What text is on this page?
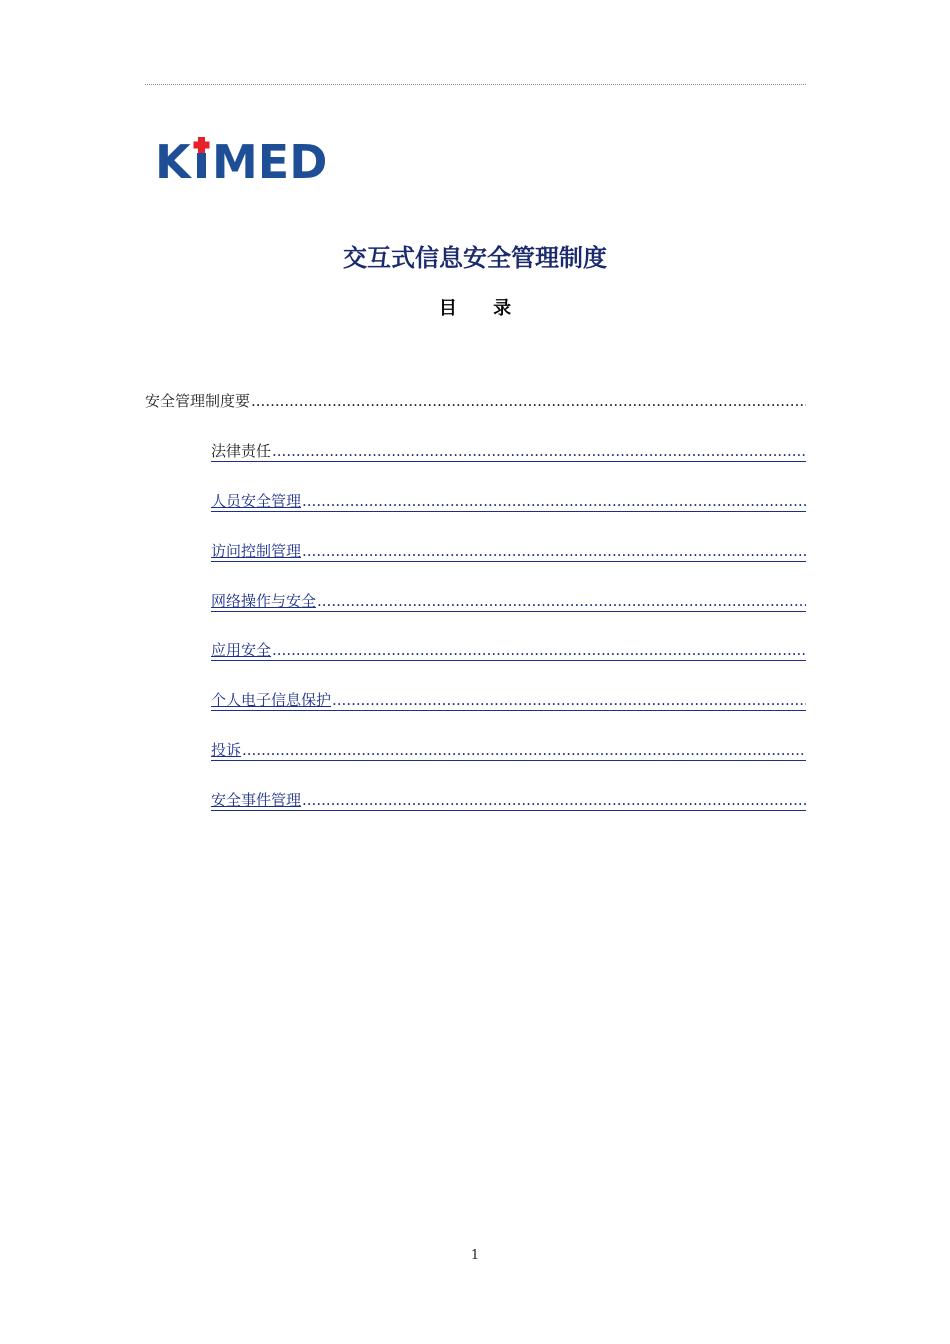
K MED
交互式信息安全管理制度
目 录
安全管理制度要
.....
法律责任
.....
人员安全管理
.....
访问控制管理
.....
网络操作与安全
.....
应用安全
.....
个人电子信息保护
.....
投诉
.....
安全事件管理
.....
1
